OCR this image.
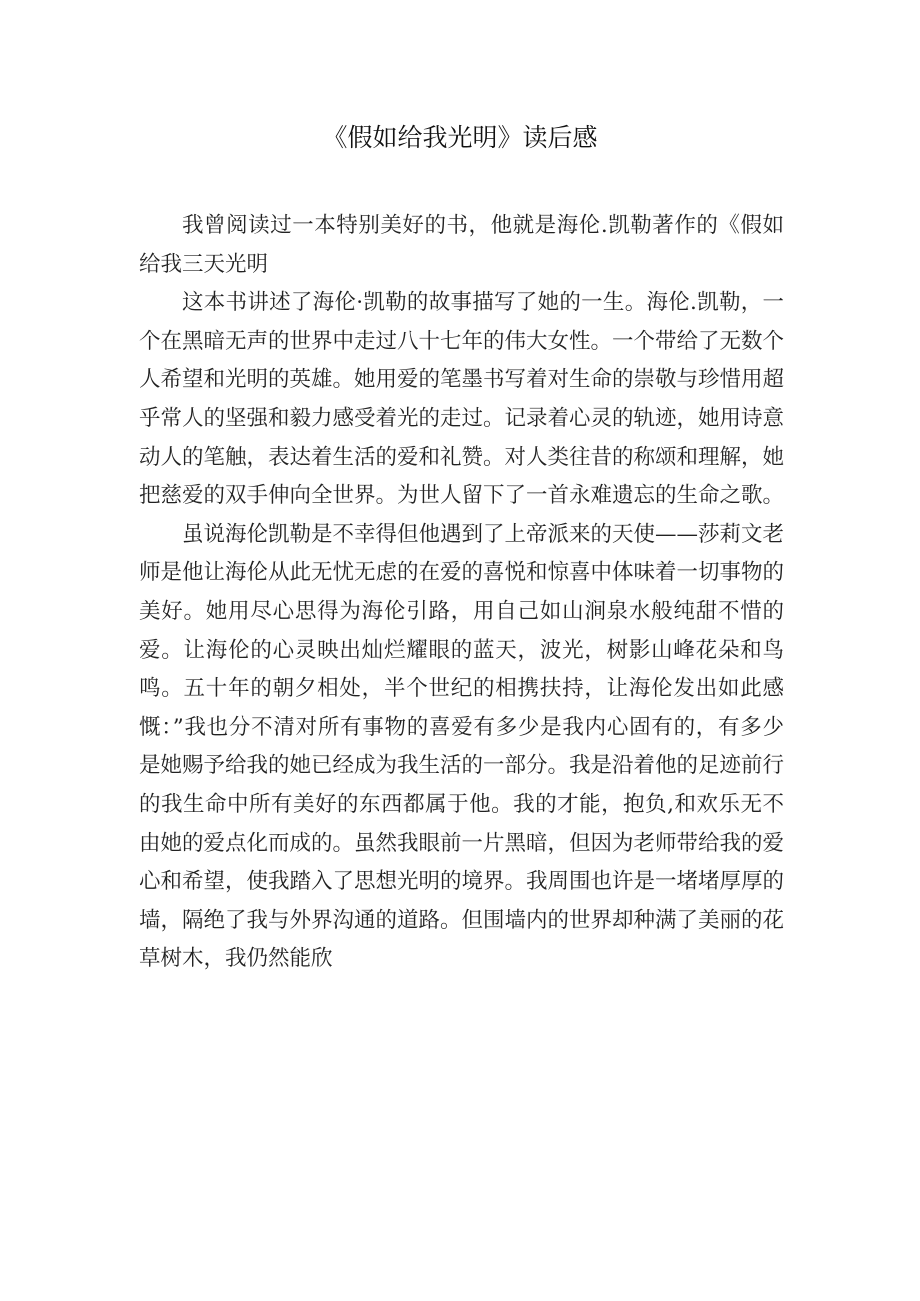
《假如给我光明》读后感

我曾阅读过一本特别美好的书，他就是海伦.凯勒著作的《假如给我三天光明

这本书讲述了海伦·凯勒的故事描写了她的一生。海伦.凯勒，一个在黑暗无声的世界中走过八十七年的伟大女性。一个带给了无数个人希望和光明的英雄。她用爱的笔墨书写着对生命的崇敬与珍惜用超乎常人的坚强和毅力感受着光的走过。记录着心灵的轨迹，她用诗意动人的笔触，表达着生活的爱和礼赞。对人类往昔的称颂和理解，她把慈爱的双手伸向全世界。为世人留下了一首永难遗忘的生命之歌。

虽说海伦凯勒是不幸得但他遇到了上帝派来的天使——莎莉文老师是他让海伦从此无忧无虑的在爱的喜悦和惊喜中体味着一切事物的美好。她用尽心思得为海伦引路，用自己如山涧泉水般纯甜不惜的爱。让海伦的心灵映出灿烂耀眼的蓝天，波光，树影山峰花朵和鸟鸣。五十年的朝夕相处，半个世纪的相携扶持，让海伦发出如此感慨：”我也分不清对所有事物的喜爱有多少是我内心固有的，有多少是她赐予给我的她已经成为我生活的一部分。我是沿着他的足迹前行的我生命中所有美好的东西都属于他。我的才能，抱负,和欢乐无不由她的爱点化而成的。虽然我眼前一片黑暗，但因为老师带给我的爱心和希望，使我踏入了思想光明的境界。我周围也许是一堵堵厚厚的墙，隔绝了我与外界沟通的道路。但围墙内的世界却种满了美丽的花草树木，我仍然能欣
